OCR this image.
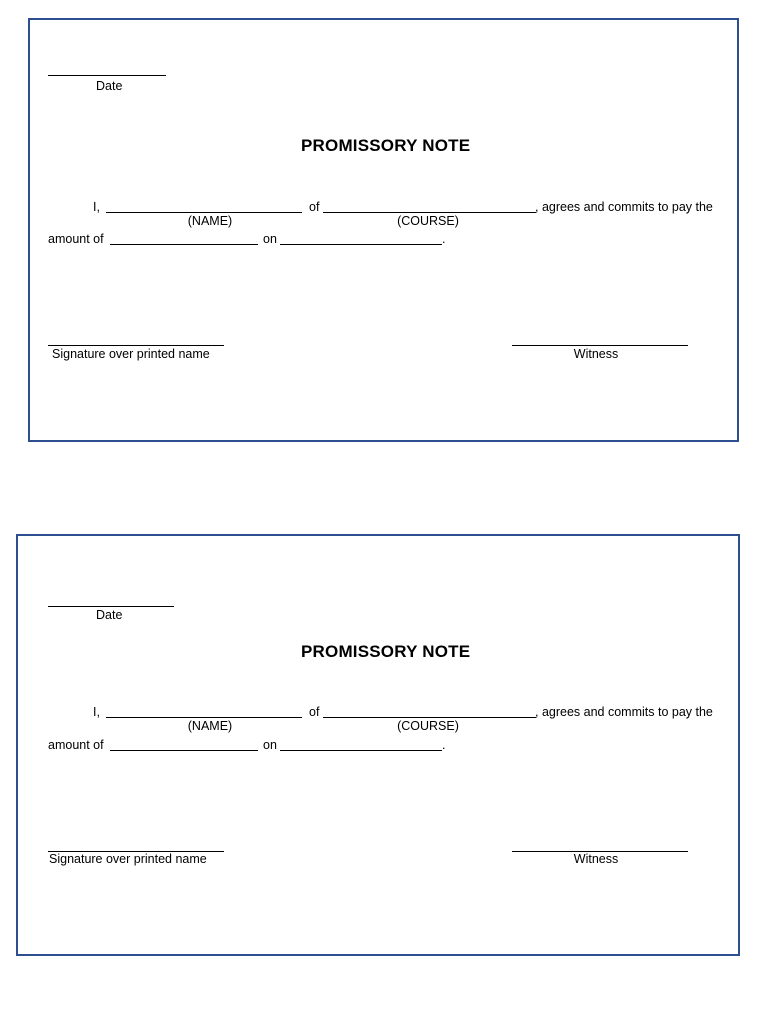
Date
PROMISSORY NOTE
I,	of	, agrees and commits to pay the
(NAME)	(COURSE)
amount of	on	.
Signature over printed name	Witness
Date
PROMISSORY NOTE
I,	of	, agrees and commits to pay the
(NAME)	(COURSE)
amount of	on	.
Signature over printed name	Witness
